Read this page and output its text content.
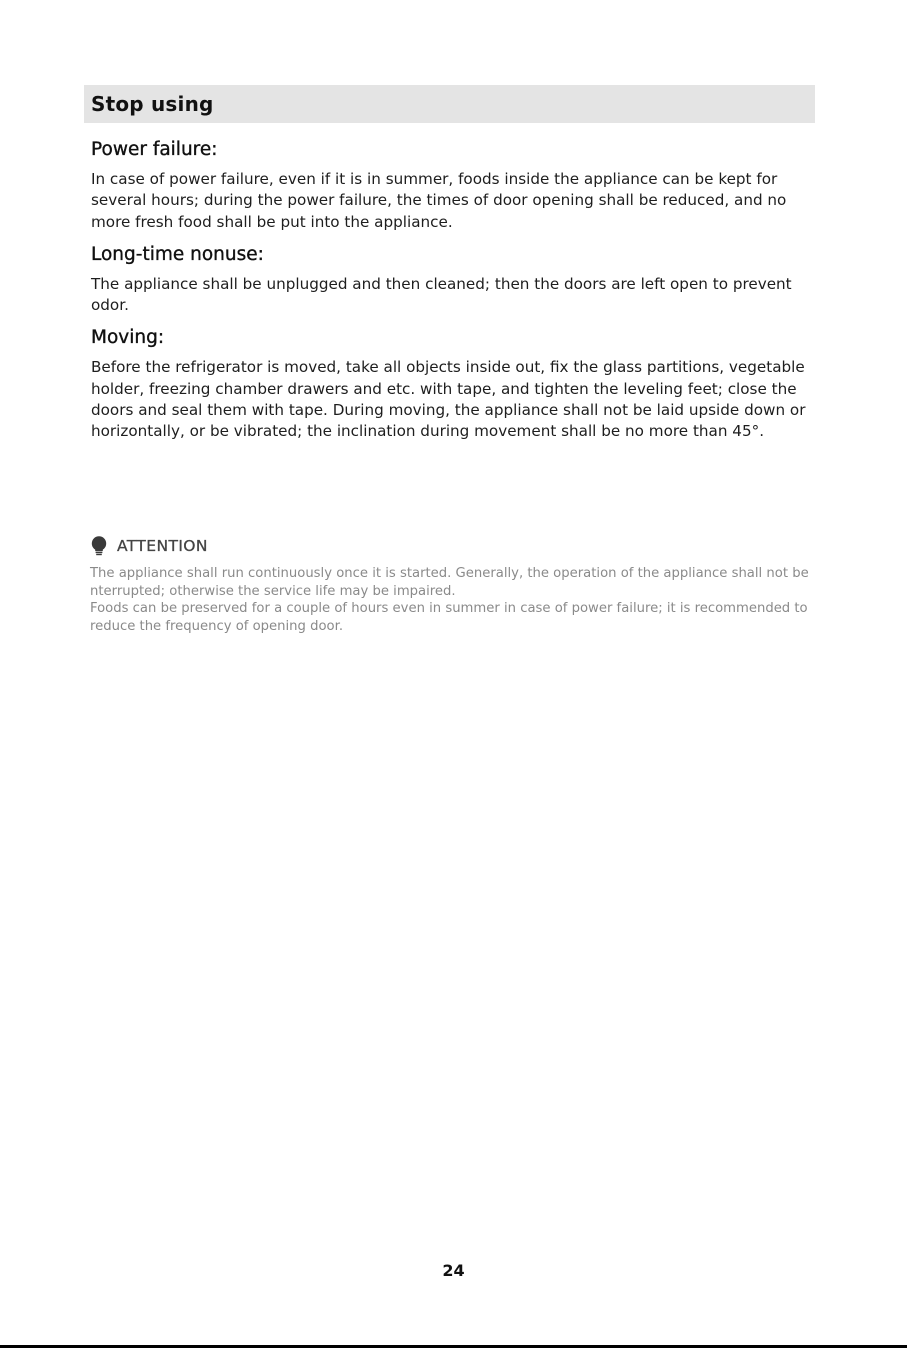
Stop using
Power failure:

In case of power failure, even if it is in summer, foods inside the appliance can be kept for several hours; during the power failure, the times of door opening shall be reduced, and no more fresh food shall be put into the appliance.

Long-time nonuse:

The appliance shall be unplugged and then cleaned; then the doors are left open to prevent odor.

Moving:

Before the refrigerator is moved, take all objects inside out, fix the glass partitions, vegetable holder, freezing chamber drawers and etc. with tape, and tighten the leveling feet; close the doors and seal them with tape. During moving, the appliance shall not be laid upside down or horizontally, or be vibrated; the inclination during movement shall be no more than 45°.

ATTENTION
The appliance shall run continuously once it is started. Generally, the operation of the appliance shall not be nterrupted; otherwise the service life may be impaired.
Foods can be preserved for a couple of hours even in summer in case of power failure; it is recommended to reduce the frequency of opening door.
24
